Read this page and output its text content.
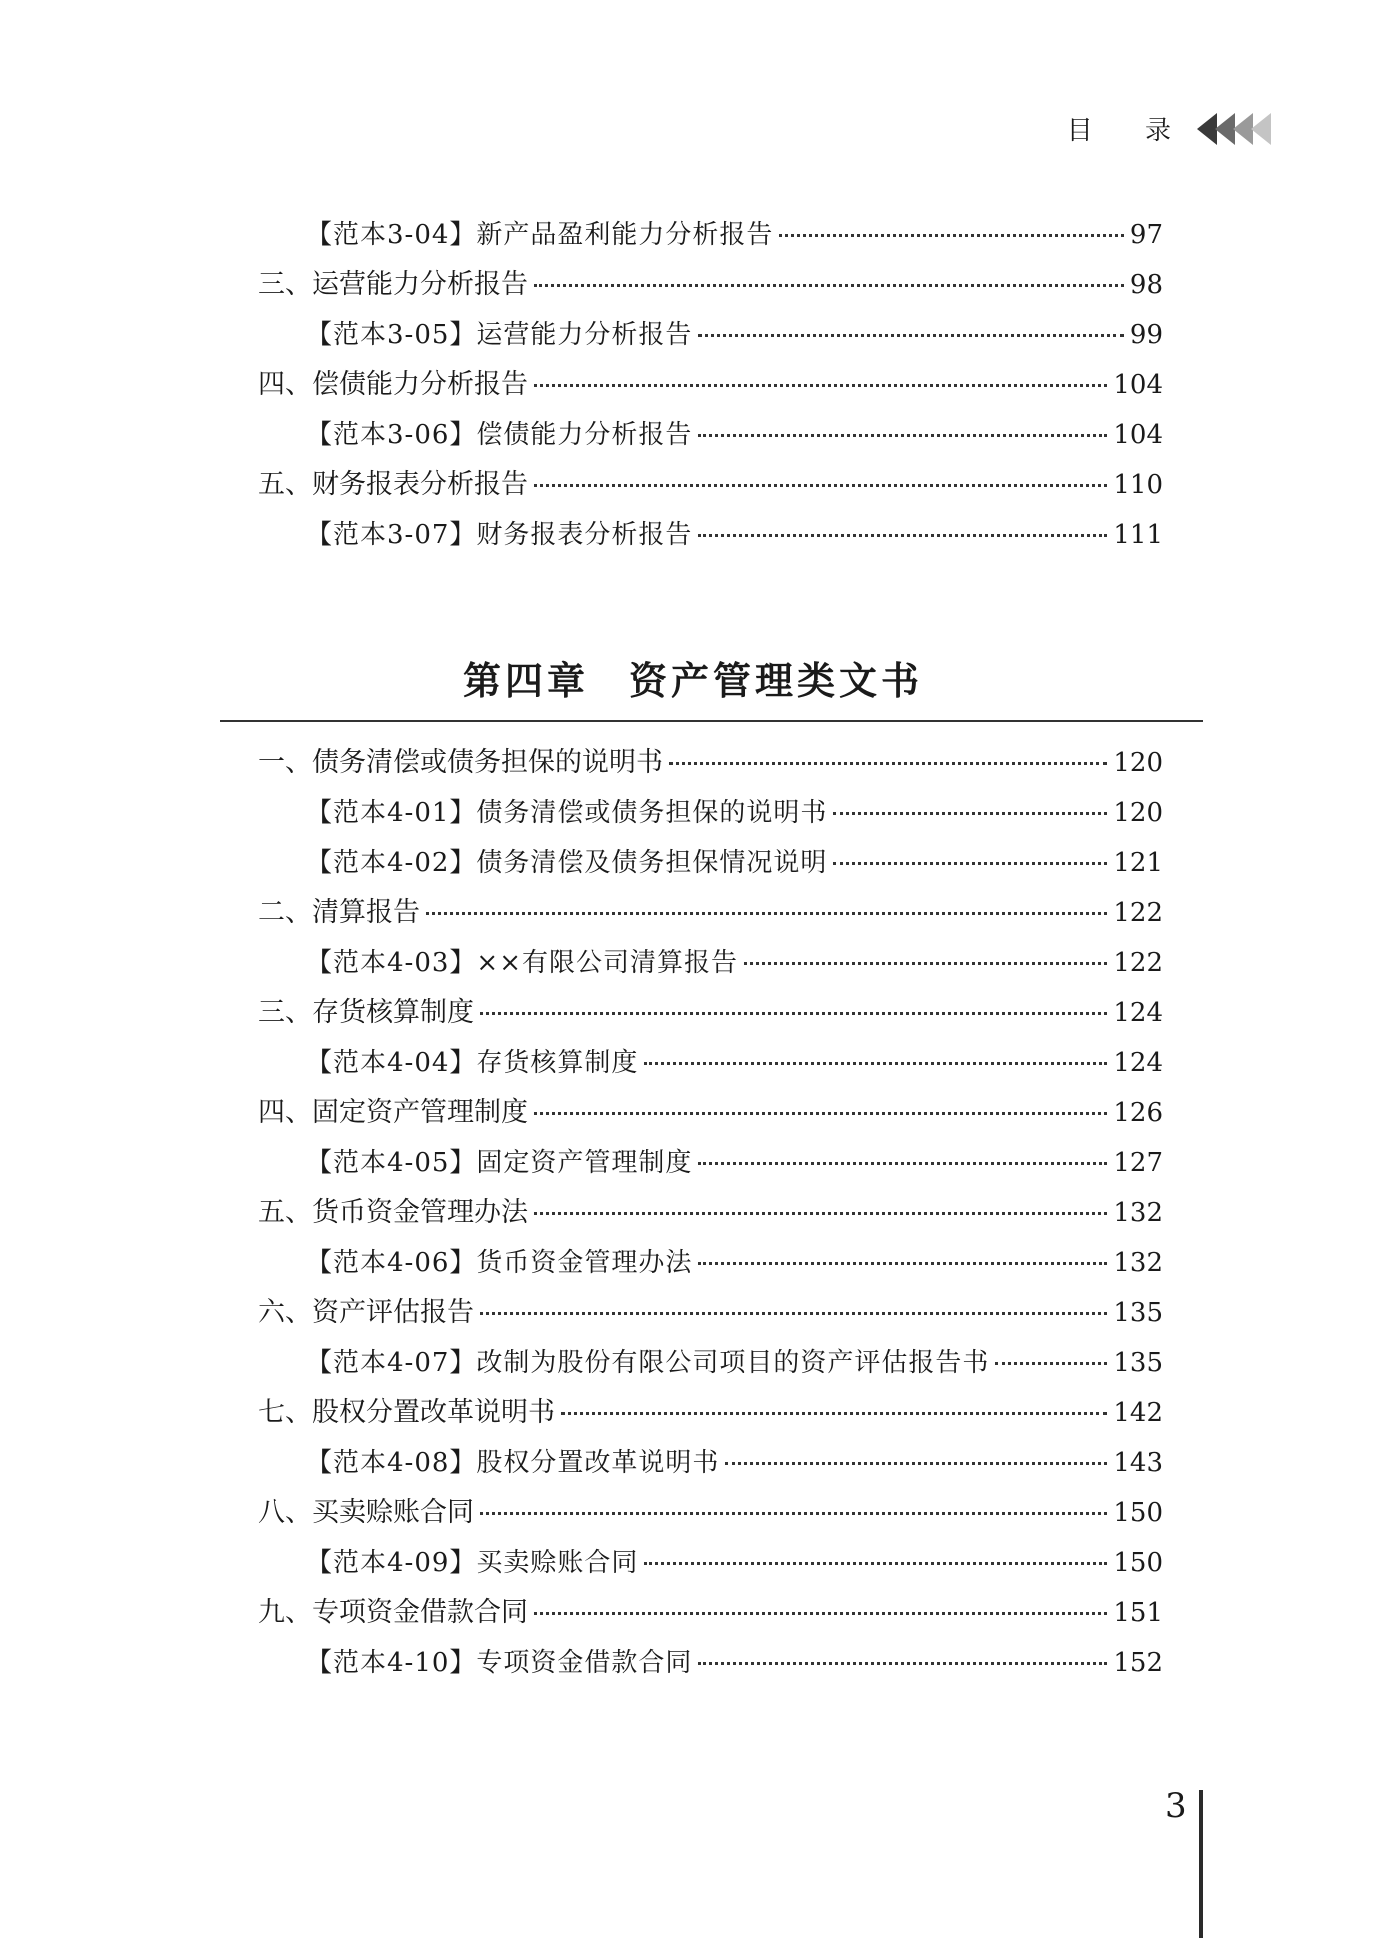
目 录
【范本3-04】新产品盈利能力分析报告	97
三、运营能力分析报告	98
【范本3-05】运营能力分析报告	99
四、偿债能力分析报告	104
【范本3-06】偿债能力分析报告	104
五、财务报表分析报告	110
【范本3-07】财务报表分析报告	111
第四章 资产管理类文书
一、债务清偿或债务担保的说明书	120
【范本4-01】债务清偿或债务担保的说明书	120
【范本4-02】债务清偿及债务担保情况说明	121
二、清算报告	122
【范本4-03】××有限公司清算报告	122
三、存货核算制度	124
【范本4-04】存货核算制度	124
四、固定资产管理制度	126
【范本4-05】固定资产管理制度	127
五、货币资金管理办法	132
【范本4-06】货币资金管理办法	132
六、资产评估报告	135
【范本4-07】改制为股份有限公司项目的资产评估报告书	135
七、股权分置改革说明书	142
【范本4-08】股权分置改革说明书	143
八、买卖赊账合同	150
【范本4-09】买卖赊账合同	150
九、专项资金借款合同	151
【范本4-10】专项资金借款合同	152
3
